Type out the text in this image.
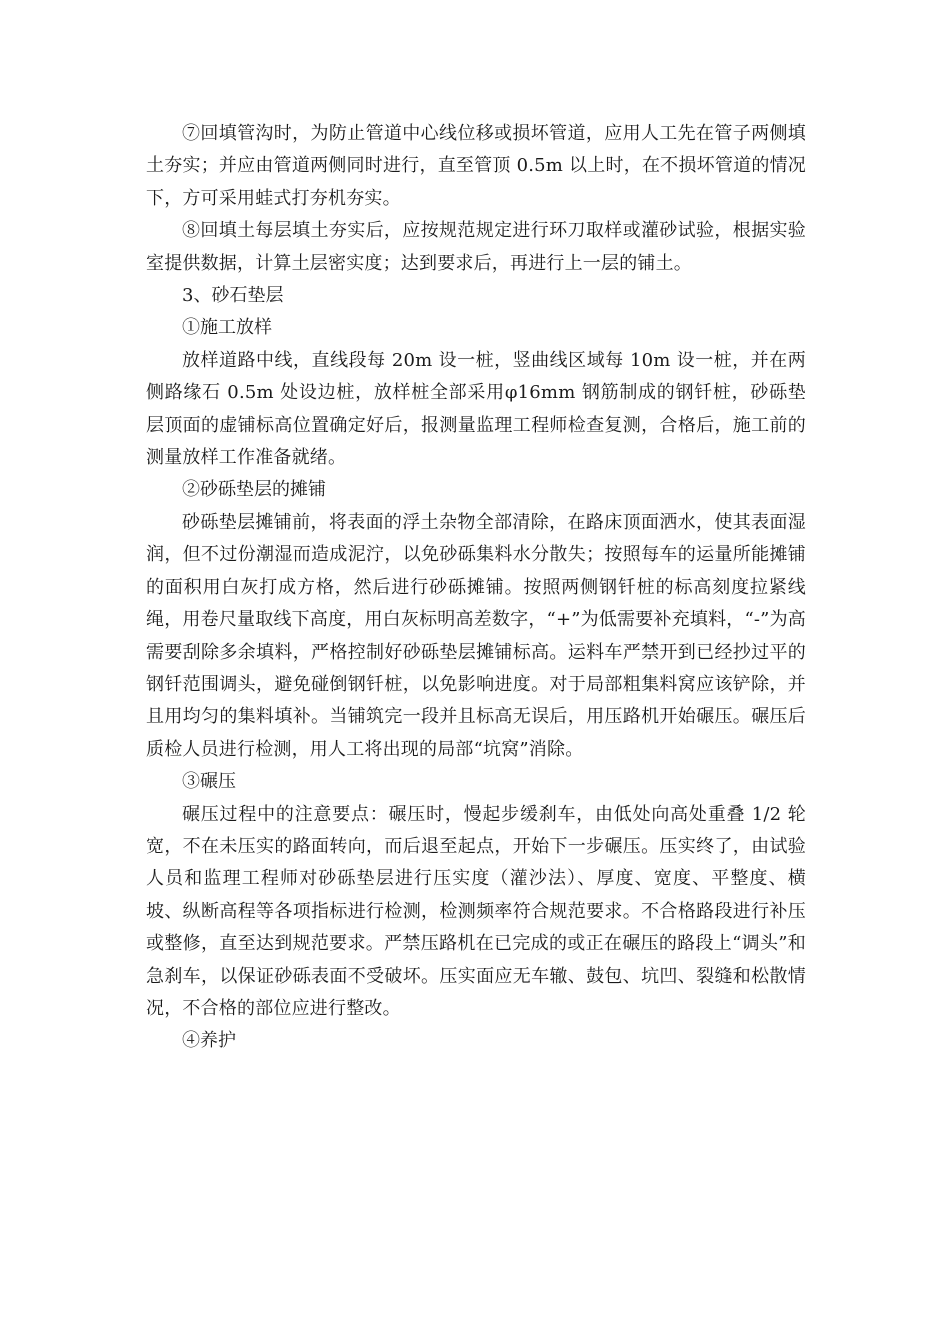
⑦回填管沟时，为防止管道中心线位移或损坏管道，应用人工先在管子两侧填土夯实；并应由管道两侧同时进行，直至管顶 0.5m 以上时，在不损坏管道的情况下，方可采用蛙式打夯机夯实。

⑧回填土每层填土夯实后，应按规范规定进行环刀取样或灌砂试验，根据实验室提供数据，计算土层密实度；达到要求后，再进行上一层的铺土。

3、砂石垫层

①施工放样

放样道路中线，直线段每 20m 设一桩，竖曲线区域每 10m 设一桩，并在两侧路缘石 0.5m 处设边桩，放样桩全部采用φ16mm 钢筋制成的钢钎桩，砂砾垫层顶面的虚铺标高位置确定好后，报测量监理工程师检查复测，合格后，施工前的测量放样工作准备就绪。

②砂砾垫层的摊铺

砂砾垫层摊铺前，将表面的浮土杂物全部清除，在路床顶面洒水，使其表面湿润，但不过份潮湿而造成泥泞，以免砂砾集料水分散失；按照每车的运量所能摊铺的面积用白灰打成方格，然后进行砂砾摊铺。按照两侧钢钎桩的标高刻度拉紧线绳，用卷尺量取线下高度，用白灰标明高差数字，“+”为低需要补充填料，“-”为高需要刮除多余填料，严格控制好砂砾垫层摊铺标高。运料车严禁开到已经抄过平的钢钎范围调头，避免碰倒钢钎桩，以免影响进度。对于局部粗集料窝应该铲除，并且用均匀的集料填补。当铺筑完一段并且标高无误后，用压路机开始碾压。碾压后质检人员进行检测，用人工将出现的局部“坑窝”消除。

③碾压

碾压过程中的注意要点：碾压时，慢起步缓刹车，由低处向高处重叠 1/2 轮宽，不在未压实的路面转向，而后退至起点，开始下一步碾压。压实终了，由试验人员和监理工程师对砂砾垫层进行压实度（灌沙法）、厚度、宽度、平整度、横坡、纵断高程等各项指标进行检测，检测频率符合规范要求。不合格路段进行补压或整修，直至达到规范要求。严禁压路机在已完成的或正在碾压的路段上“调头”和急刹车，以保证砂砾表面不受破坏。压实面应无车辙、鼓包、坑凹、裂缝和松散情况，不合格的部位应进行整改。

④养护
